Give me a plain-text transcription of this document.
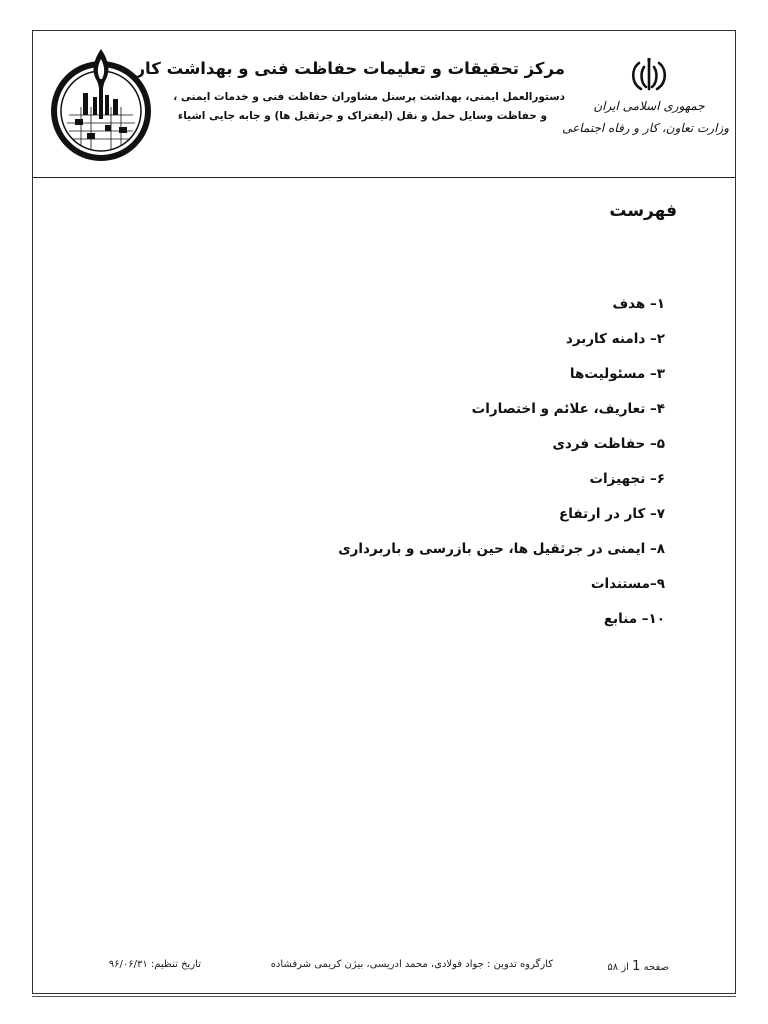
مرکز تحقیقات و تعلیمات حفاظت فنی و بهداشت کار

دستورالعمل ایمنی، بهداشت پرسنل مشاوران حفاظت فنی و خدمات ایمنی ،

و حفاظت وسایل حمل و نقل (لیفتراک و جرثقیل ها) و جابه جایی اشیاء

جمهوری اسلامی ایران

وزارت تعاون، کار و رفاه اجتماعی

فهرست
۱– هدف
۲– دامنه کاربرد
۳– مسئولیت‌ها
۴– تعاریف، علائم و اختصارات
۵– حفاظت فردی
۶– تجهیزات
۷– کار در ارتفاع
۸– ایمنی در جرثقیل ها، حین بازرسی و باربرداری
۹–مستندات
۱۰– منابع
صفحه 1 از ۵۸
کارگروه تدوین : جواد فولادی، محمد ادریسی، بیژن کریمی شرفشاده
تاریخ تنظیم: ۹۶/۰۶/۳۱
